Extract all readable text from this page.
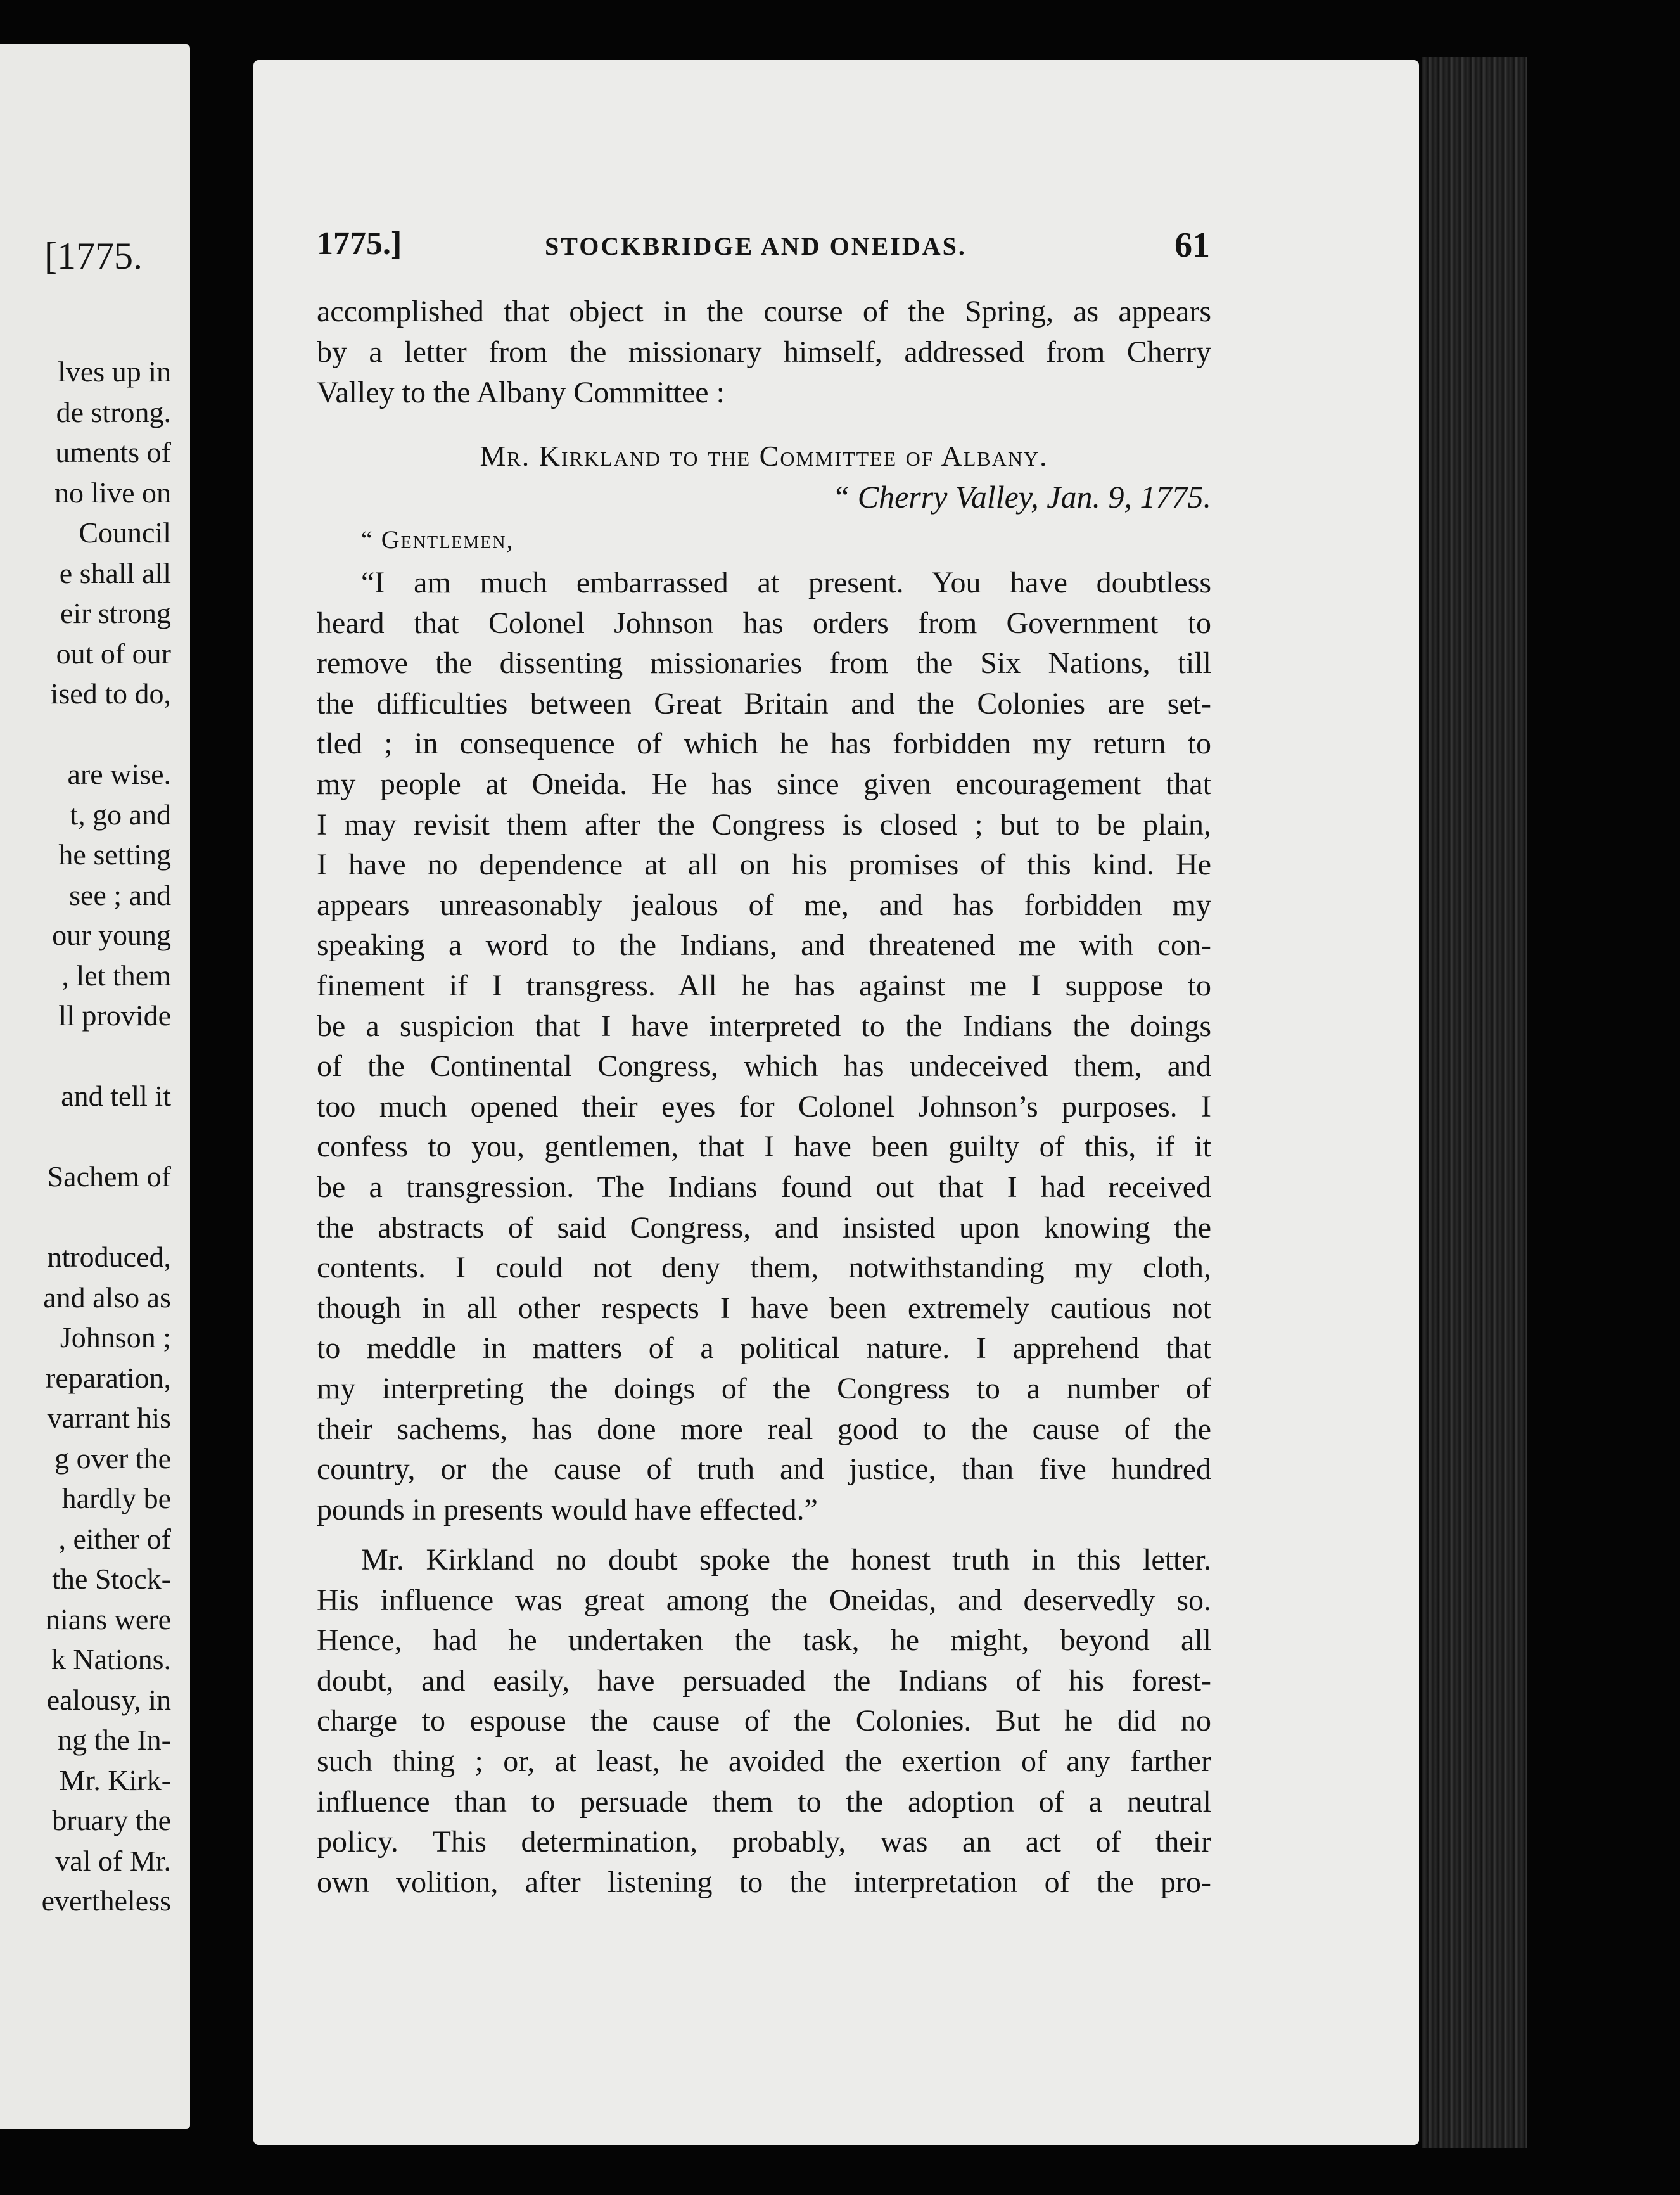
[1775.
lves up in
de strong.
uments of
no live on
Council
e shall all
eir strong
out of our
ised to do,
are wise.
t, go and
he setting
see ; and
our young
, let them
ll provide
and tell it
Sachem of
ntroduced,
and also as
Johnson ;
reparation,
varrant his
g over the
hardly be
, either of
the Stock-
nians were
k Nations.
ealousy, in
ng the In-
Mr. Kirk-
bruary the
val of Mr.
evertheless
1775.]	STOCKBRIDGE AND ONEIDAS.	61
accomplished that object in the course of the Spring, as appears
by a letter from the missionary himself, addressed from Cherry
Valley to the Albany Committee :
Mr. Kirkland to the Committee of Albany.
“ Cherry Valley, Jan. 9, 1775.
“ Gentlemen,
“I am much embarrassed at present. You have doubtless
heard that Colonel Johnson has orders from Government to
remove the dissenting missionaries from the Six Nations, till
the difficulties between Great Britain and the Colonies are set-
tled ; in consequence of which he has forbidden my return to
my people at Oneida. He has since given encouragement that
I may revisit them after the Congress is closed ; but to be plain,
I have no dependence at all on his promises of this kind. He
appears unreasonably jealous of me, and has forbidden my
speaking a word to the Indians, and threatened me with con-
finement if I transgress. All he has against me I suppose to
be a suspicion that I have interpreted to the Indians the doings
of the Continental Congress, which has undeceived them, and
too much opened their eyes for Colonel Johnson’s purposes. I
confess to you, gentlemen, that I have been guilty of this, if it
be a transgression. The Indians found out that I had received
the abstracts of said Congress, and insisted upon knowing the
contents. I could not deny them, notwithstanding my cloth,
though in all other respects I have been extremely cautious not
to meddle in matters of a political nature. I apprehend that
my interpreting the doings of the Congress to a number of
their sachems, has done more real good to the cause of the
country, or the cause of truth and justice, than five hundred
pounds in presents would have effected.”
Mr. Kirkland no doubt spoke the honest truth in this letter.
His influence was great among the Oneidas, and deservedly so.
Hence, had he undertaken the task, he might, beyond all
doubt, and easily, have persuaded the Indians of his forest-
charge to espouse the cause of the Colonies. But he did no
such thing ; or, at least, he avoided the exertion of any farther
influence than to persuade them to the adoption of a neutral
policy. This determination, probably, was an act of their
own volition, after listening to the interpretation of the pro-
